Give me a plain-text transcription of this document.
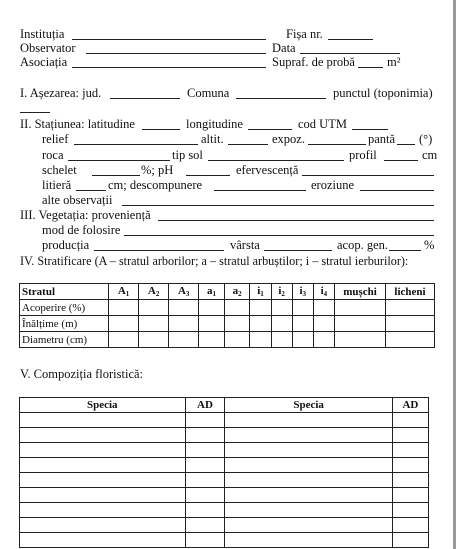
Instituția	Fișa nr.
Observator	Data
Asociația	Supraf. de probă	m²
I. Așezarea: jud.	Comuna	punctul (toponimia)
II. Stațiunea: latitudine	longitudine	cod UTM
relief	altit.	expoz.	pantă (°)
roca	tip sol	profil	cm
schelet	%; pH	efervescență
litieră	cm; descompunere	eroziune
alte observații
III. Vegetația: proveniență
mod de folosire
producția	vârsta	acop. gen.	%
IV. Stratificare (A – stratul arborilor; a – stratul arbuștilor; i – stratul ierburilor):
Stratul	$A_1$	$A_2$	$A_3$	$a_1$	$a_2$	$i_1$	$i_2$	$i_3$	$i_4$	mușchi	licheni
Acoperire (%)											
Înălțime (m)											
Diametru (cm)											
V. Compoziția floristică:
Specia	AD	Specia	AD
